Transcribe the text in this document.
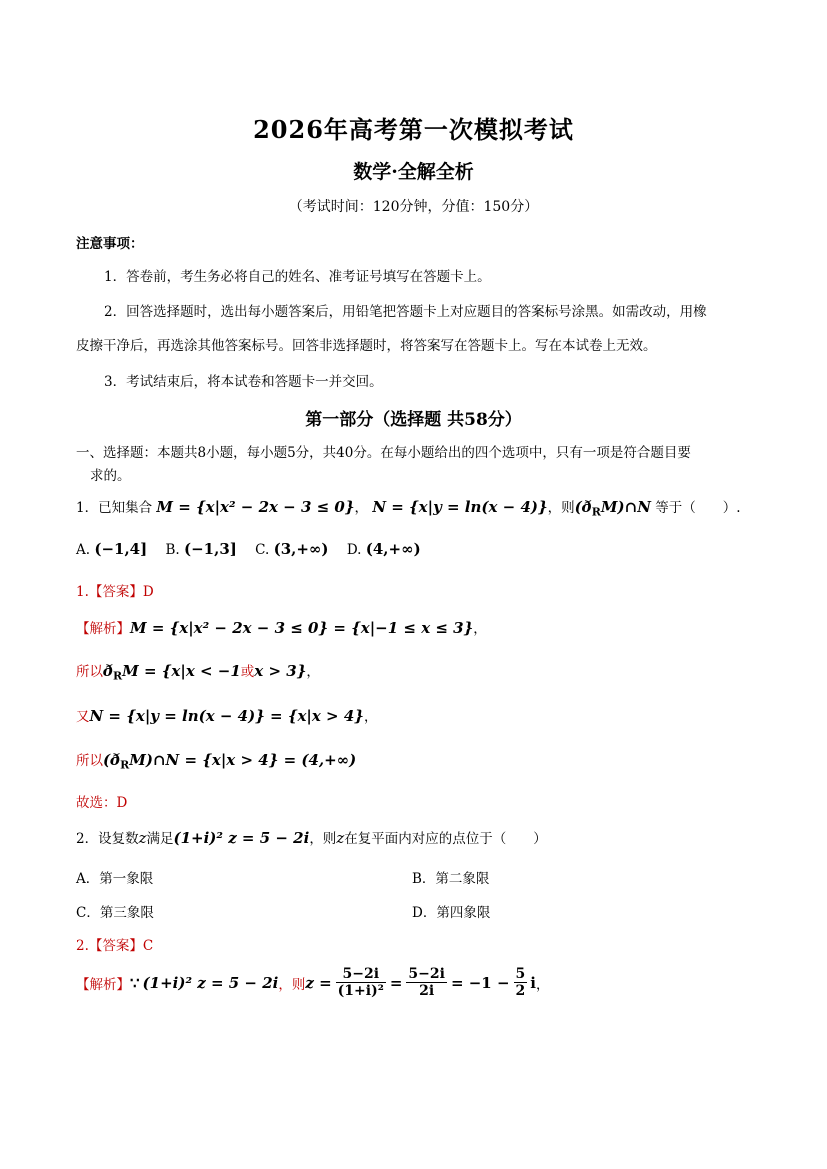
2026年高考第一次模拟考试
数学·全解全析
（考试时间：120分钟，分值：150分）
注意事项：
1．答卷前，考生务必将自己的姓名、准考证号填写在答题卡上。
2．回答选择题时，选出每小题答案后，用铅笔把答题卡上对应题目的答案标号涂黑。如需改动，用橡
皮擦干净后，再选涂其他答案标号。回答非选择题时，将答案写在答题卡上。写在本试卷上无效。
3．考试结束后，将本试卷和答题卡一并交回。
第一部分（选择题 共58分）
一、选择题：本题共8小题，每小题5分，共40分。在每小题给出的四个选项中，只有一项是符合题目要
求的。
1．已知集合 M = {x|x² − 2x − 3 ≤ 0}， N = {x|y = ln(x − 4)}，则$(ð_RM)\cap N$ 等于（　　）.
A. (−1,4] B. (−1,3] C. (3,+∞) D. (4,+∞)
1.【答案】D
【解析】M = {x|x² − 2x − 3 ≤ 0} = {x|−1 ≤ x ≤ 3}，
所以$ð_RM = \{x|x < -1$或x > 3}，
又N = {x|y = ln(x − 4)} = {x|x > 4}，
所以$(ð_RM)\cap N = \{x|x > 4\} = (4,+\infty)$
故选：D
2．设复数z满足(1+i)² z = 5 − 2i，则z在复平面内对应的点位于（　　）
A．第一象限	B．第二象限
C．第三象限	D．第四象限
2.【答案】C
【解析】 ∵ (1+i)² z = 5 − 2i ，则 $z = \frac{5-2i}{\text{(1+i)²}} = \frac{5-2i}{2i} = -1 - \frac{5}{2}$ i ，
